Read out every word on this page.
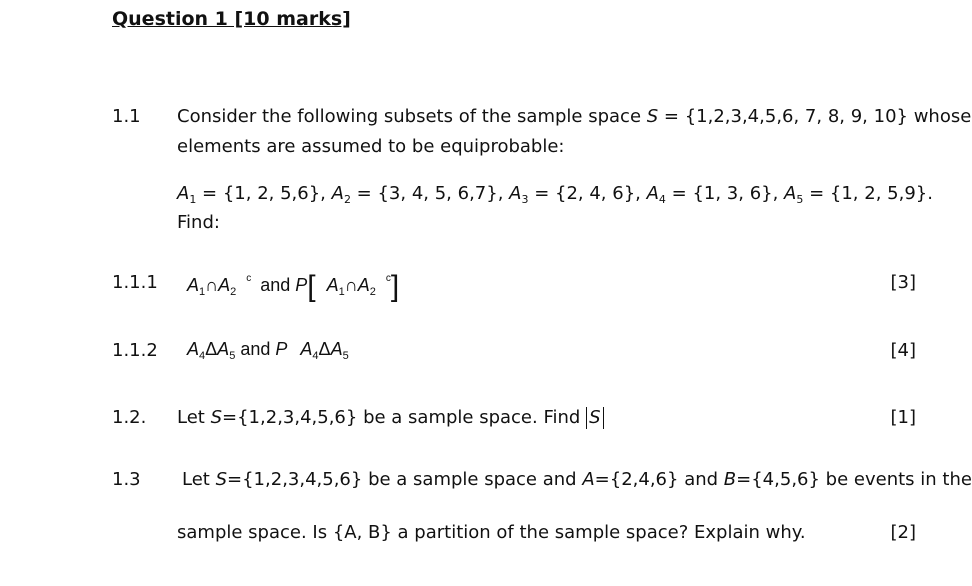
Question 1 [10 marks]
1.1 Consider the following subsets of the sample space S = {1,2,3,4,5,6, 7, 8, 9, 10} whose
elements are assumed to be equiprobable:
$A_1 = \{1$, 2, 5,6}, $A_2 = \{3$, 4, 5, 6,7}, $A_3 = \{2$, 4, 6}, $A_4 = \{1$, 3, 6}, $A_5 = \{1$, 2, 5,9}.
Find:
1.1.1 $A_1\cap A_2^c$ and P[ $A_1\cap A_2^c$]	[3]
1.1.2 $A_4\Delta A_5$ and P $A_4\Delta A_5$	[4]
1.2. Let S={1,2,3,4,5,6} be a sample space. Find S	[1]
1.3 Let S={1,2,3,4,5,6} be a sample space and A={2,4,6} and B={4,5,6} be events in the
sample space. Is {A, B} a partition of the sample space? Explain why.	[2]
